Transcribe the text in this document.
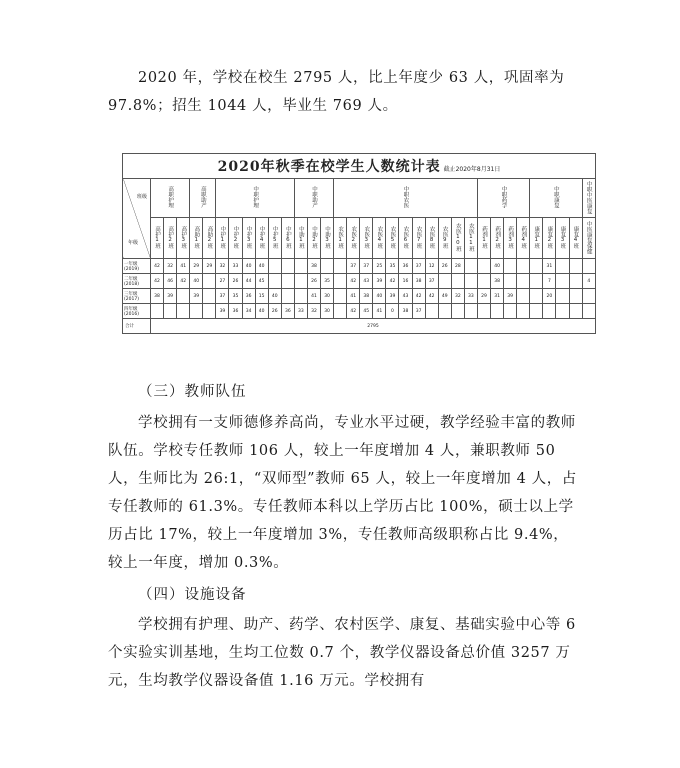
2020 年，学校在校生 2795 人，比上年度少 63 人，巩固率为 97.8%；招生 1044 人，毕业生 769 人。

2020年秋季在校学生人数统计表 截止2020年8月31日																																		

班级
年级	高职护理			高职助产		中职护理						中职助产			中职农医											中职药学				中职康复				中职中医康复
	高护1班	高护2班	高护3班	高助1班	高助2班	中护1班	中护2班	中护3班	中护4班	中护5班	中护6班	中助1班	中助2班	中助3班	农医1班	农医2班	农医3班	农医4班	农医5班	农医6班	农医7班	农医8班	农医9班	农医10班	农医11班	药剂1班	药剂2班	药剂3班	药剂4班	康复1班	康复2班	康复3班	康复4班	中医康复保健
一年级(2019)	42	32	41	29	29	32	33	40	40				38			37	37	25	35	36	37	12	26	28			40				31			
二年级(2018)	42	46	42	40		27	26	44	45				26	35		42	43	39	42	16	38	37					38				7			4
三年级(2017)	38	39		39		37	35	36	15	40			41	30		41	38	40	39	43	42	42	49	32	33	29	31	39			20			
四年级(2016)						39	36	34	40	26	36	33	32	30		42	45	41	0	38	37													
合计	2795																																	

（三）教师队伍

学校拥有一支师德修养高尚，专业水平过硬，教学经验丰富的教师队伍。学校专任教师 106 人，较上一年度增加 4 人，兼职教师 50 人，生师比为 26:1，“双师型”教师 65 人，较上一年度增加 4 人，占专任教师的 61.3%。专任教师本科以上学历占比 100%，硕士以上学历占比 17%，较上一年度增加 3%，专任教师高级职称占比 9.4%，较上一年度，增加 0.3%。

（四）设施设备

学校拥有护理、助产、药学、农村医学、康复、基础实验中心等 6 个实验实训基地，生均工位数 0.7 个，教学仪器设备总价值 3257 万元，生均教学仪器设备值 1.16 万元。学校拥有
